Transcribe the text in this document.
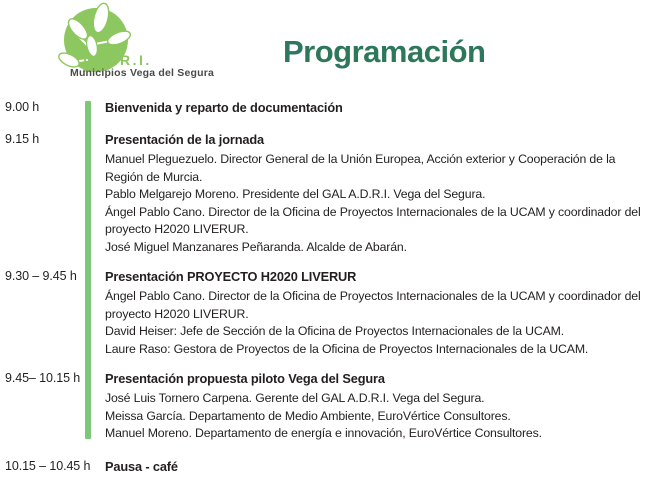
A.D.R.I.
Municipios Vega del Segura
Programación
9.00 h	Bienvenida y reparto de documentación
9.15 h	Presentación de la jornada
Manuel Pleguezuelo. Director General de la Unión Europea, Acción exterior y Cooperación de la Región de Murcia.
Pablo Melgarejo Moreno. Presidente del GAL A.D.R.I. Vega del Segura.
Ángel Pablo Cano. Director de la Oficina de Proyectos Internacionales de la UCAM y coordinador del proyecto H2020 LIVERUR.
José Miguel Manzanares Peñaranda. Alcalde de Abarán.
9.30 – 9.45 h	Presentación PROYECTO H2020 LIVERUR
Ángel Pablo Cano. Director de la Oficina de Proyectos Internacionales de la UCAM y coordinador del proyecto H2020 LIVERUR.
David Heiser: Jefe de Sección de la Oficina de Proyectos Internacionales de la UCAM.
Laure Raso: Gestora de Proyectos de la Oficina de Proyectos Internacionales de la UCAM.
9.45– 10.15 h	Presentación propuesta piloto Vega del Segura
José Luis Tornero Carpena. Gerente del GAL A.D.R.I. Vega del Segura.
Meissa García. Departamento de Medio Ambiente, EuroVértice Consultores.
Manuel Moreno. Departamento de energía e innovación, EuroVértice Consultores.
10.15 – 10.45 h	Pausa - café
